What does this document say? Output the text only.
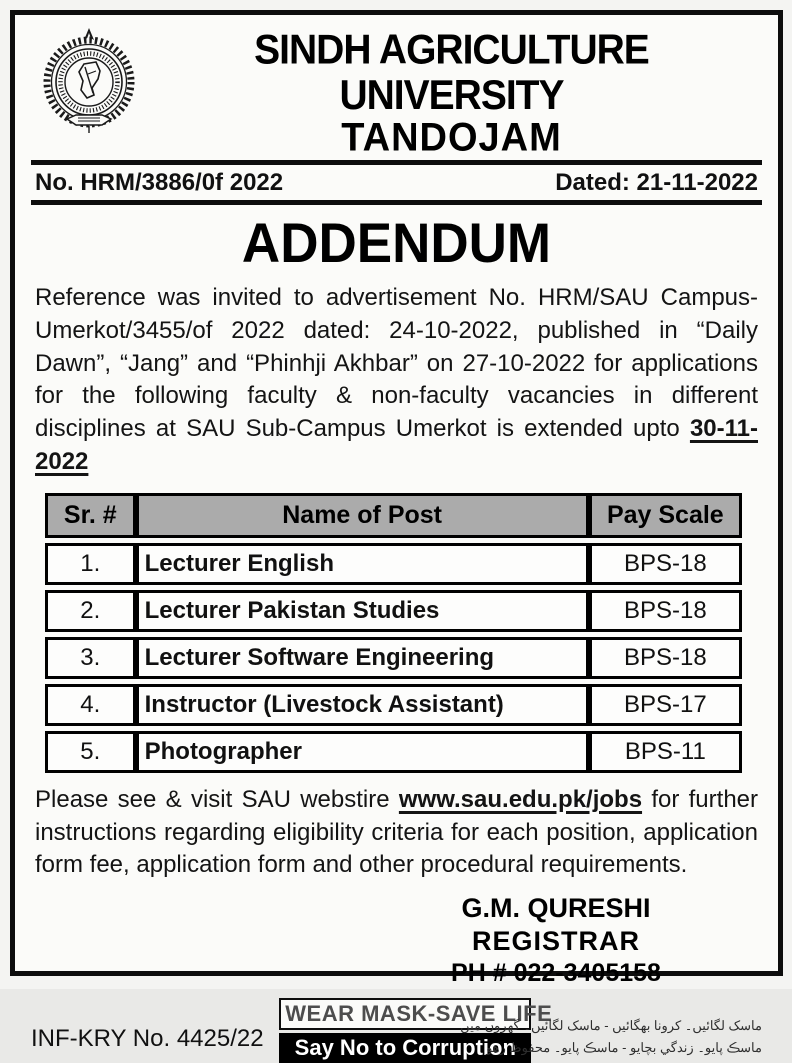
SINDH AGRICULTURE UNIVERSITY
TANDOJAM
No. HRM/3886/0f 2022	Dated: 21-11-2022
ADDENDUM

Reference was invited to advertisement No. HRM/SAU Campus-Umerkot/3455/of 2022 dated: 24-10-2022, published in “Daily Dawn”, “Jang” and “Phinhji Akhbar” on 27-10-2022 for applications for the following faculty & non-faculty vacancies in different disciplines at SAU Sub-Campus Umerkot is extended upto 30-11-2022

Sr. #	Name of Post	Pay Scale
1.	Lecturer English	BPS-18
2.	Lecturer Pakistan Studies	BPS-18
3.	Lecturer Software Engineering	BPS-18
4.	Instructor (Livestock Assistant)	BPS-17
5.	Photographer	BPS-11

Please see & visit SAU webstire www.sau.edu.pk/jobs for further instructions regarding eligibility criteria for each position, application form fee, application form and other procedural requirements.

G.M. QURESHI
REGISTRAR
PH # 022-3405158
INF-KRY No. 4425/22
WEAR MASK-SAVE LIFE
Say No to Corruption
ماسک لگائیں۔ کرونا بھگائیں - ماسک لگائیں۔ گھروں میں
ماسڪ پايو۔ زندگي بچايو - ماسڪ پايو۔ محفوظ رهو
